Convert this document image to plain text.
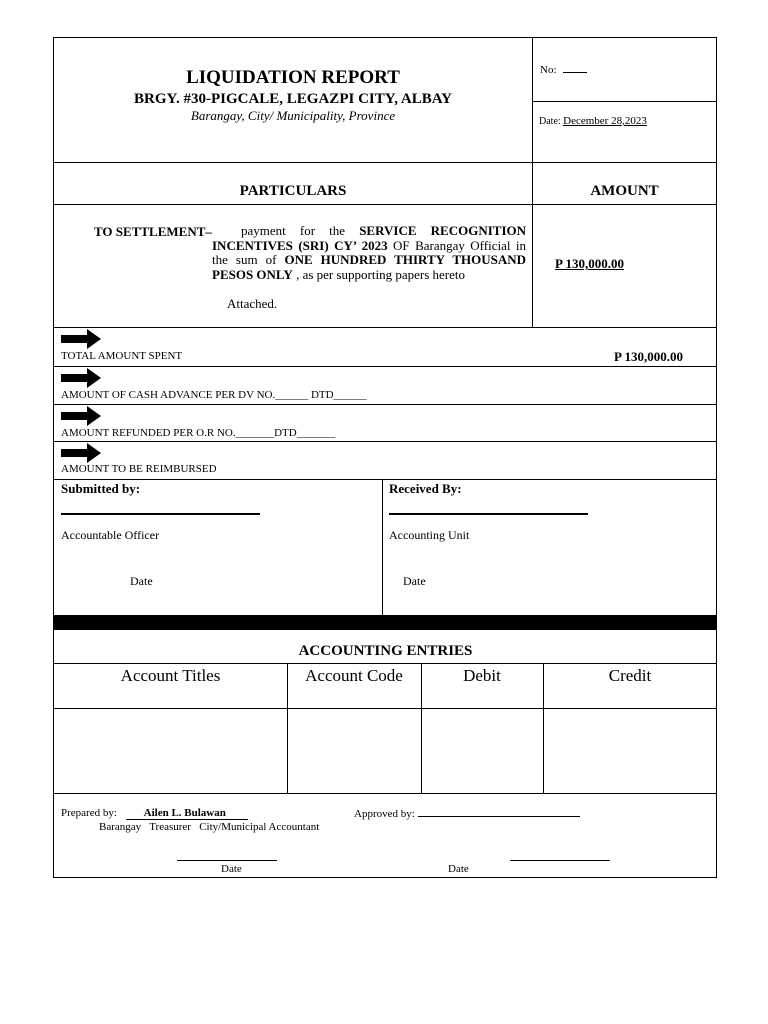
LIQUIDATION REPORT
BRGY. #30-PIGCALE, LEGAZPI CITY, ALBAY
Barangay, City/ Municipality, Province
No:
Date: December 28,2023
PARTICULARS	AMOUNT
TO SETTLEMENT–	payment for the SERVICE RECOGNITION INCENTIVES (SRI) CY’ 2023 OF Barangay Official in the sum of ONE HUNDRED THIRTY THOUSAND PESOS ONLY , as per supporting papers hereto
Attached.
P 130,000.00
TOTAL AMOUNT SPENT	P 130,000.00
AMOUNT OF CASH ADVANCE PER DV NO.______ DTD______
AMOUNT REFUNDED PER O.R NO._______DTD_______
AMOUNT TO BE REIMBURSED
Submitted by:
Accountable Officer
Date
Received By:
Accounting Unit
Date
ACCOUNTING ENTRIES
Account Titles	Account Code	Debit	Credit
Prepared by: Ailen L. Bulawan	Approved by:
Barangay   Treasurer   City/Municipal Accountant
Date	Date
